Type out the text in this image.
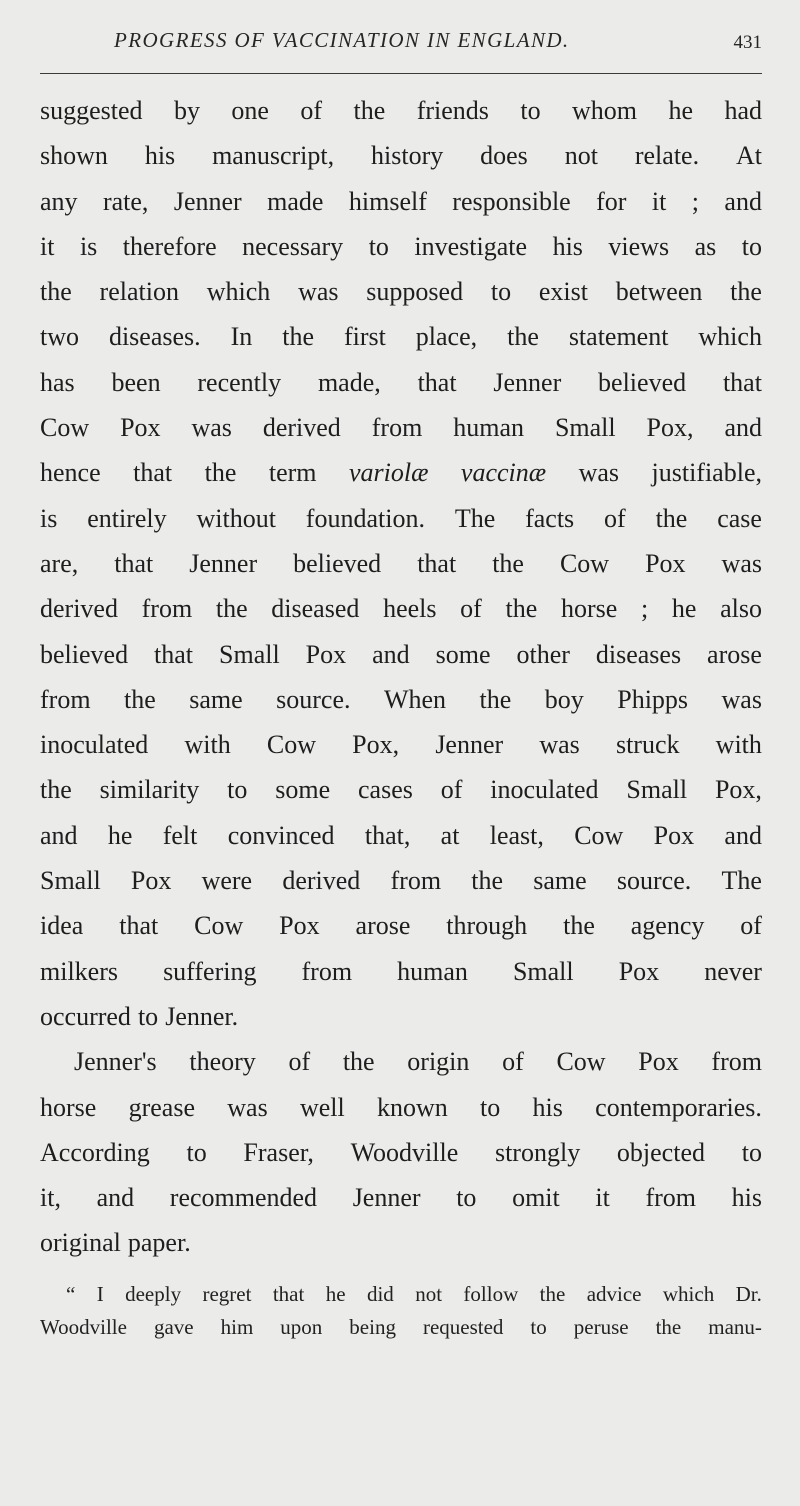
PROGRESS OF VACCINATION IN ENGLAND.	431
suggested by one of the friends to whom he had
shown his manuscript, history does not relate. At
any rate, Jenner made himself responsible for it ; and
it is therefore necessary to investigate his views as to
the relation which was supposed to exist between the
two diseases. In the first place, the statement which
has been recently made, that Jenner believed that
Cow Pox was derived from human Small Pox, and
hence that the term variolæ vaccinæ was justifiable,
is entirely without foundation. The facts of the case
are, that Jenner believed that the Cow Pox was
derived from the diseased heels of the horse ; he also
believed that Small Pox and some other diseases arose
from the same source. When the boy Phipps was
inoculated with Cow Pox, Jenner was struck with
the similarity to some cases of inoculated Small Pox,
and he felt convinced that, at least, Cow Pox and
Small Pox were derived from the same source. The
idea that Cow Pox arose through the agency of
milkers suffering from human Small Pox never
occurred to Jenner.
Jenner's theory of the origin of Cow Pox from
horse grease was well known to his contemporaries.
According to Fraser, Woodville strongly objected to
it, and recommended Jenner to omit it from his
original paper.
“ I deeply regret that he did not follow the advice which Dr.
Woodville gave him upon being requested to peruse the manu-
